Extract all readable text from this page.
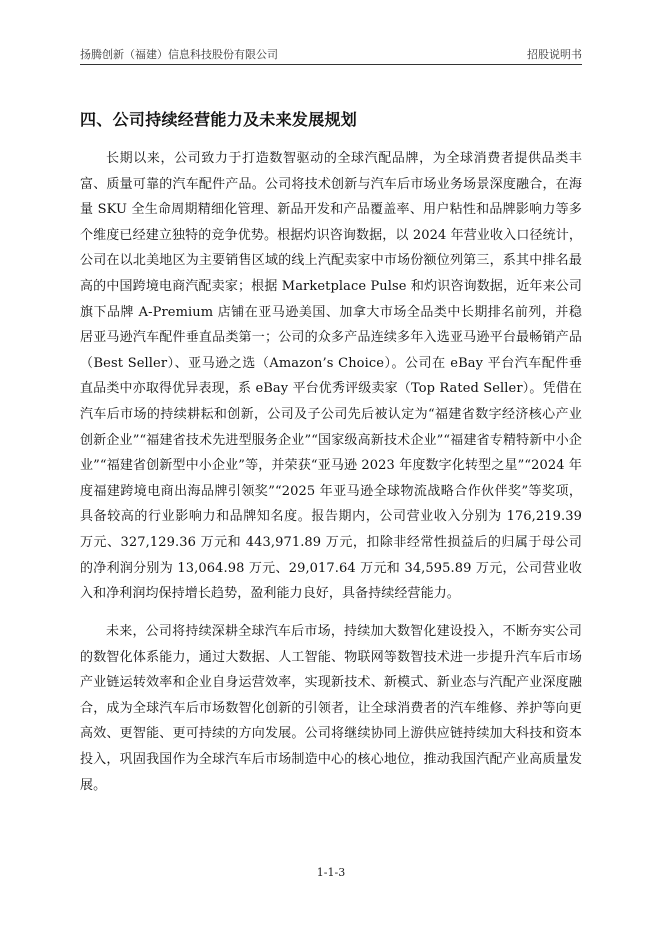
扬腾创新（福建）信息科技股份有限公司	招股说明书
四、公司持续经营能力及未来发展规划

长期以来，公司致力于打造数智驱动的全球汽配品牌，为全球消费者提供品类丰富、质量可靠的汽车配件产品。公司将技术创新与汽车后市场业务场景深度融合，在海量 SKU 全生命周期精细化管理、新品开发和产品覆盖率、用户粘性和品牌影响力等多个维度已经建立独特的竞争优势。根据灼识咨询数据，以 2024 年营业收入口径统计，公司在以北美地区为主要销售区域的线上汽配卖家中市场份额位列第三，系其中排名最高的中国跨境电商汽配卖家；根据 Marketplace Pulse 和灼识咨询数据，近年来公司旗下品牌 A-Premium 店铺在亚马逊美国、加拿大市场全品类中长期排名前列，并稳居亚马逊汽车配件垂直品类第一；公司的众多产品连续多年入选亚马逊平台最畅销产品（Best Seller）、亚马逊之选（Amazon’s Choice）。公司在 eBay 平台汽车配件垂直品类中亦取得优异表现，系 eBay 平台优秀评级卖家（Top Rated Seller）。凭借在汽车后市场的持续耕耘和创新，公司及子公司先后被认定为“福建省数字经济核心产业创新企业”“福建省技术先进型服务企业”“国家级高新技术企业”“福建省专精特新中小企业”“福建省创新型中小企业”等，并荣获“亚马逊 2023 年度数字化转型之星”“2024 年度福建跨境电商出海品牌引领奖”“2025 年亚马逊全球物流战略合作伙伴奖”等奖项，具备较高的行业影响力和品牌知名度。报告期内，公司营业收入分别为 176,219.39 万元、327,129.36 万元和 443,971.89 万元，扣除非经常性损益后的归属于母公司的净利润分别为 13,064.98 万元、29,017.64 万元和 34,595.89 万元，公司营业收入和净利润均保持增长趋势，盈利能力良好，具备持续经营能力。

未来，公司将持续深耕全球汽车后市场，持续加大数智化建设投入，不断夯实公司的数智化体系能力，通过大数据、人工智能、物联网等数智技术进一步提升汽车后市场产业链运转效率和企业自身运营效率，实现新技术、新模式、新业态与汽配产业深度融合，成为全球汽车后市场数智化创新的引领者，让全球消费者的汽车维修、养护等向更高效、更智能、更可持续的方向发展。公司将继续协同上游供应链持续加大科技和资本投入，巩固我国作为全球汽车后市场制造中心的核心地位，推动我国汽配产业高质量发展。

1-1-3
